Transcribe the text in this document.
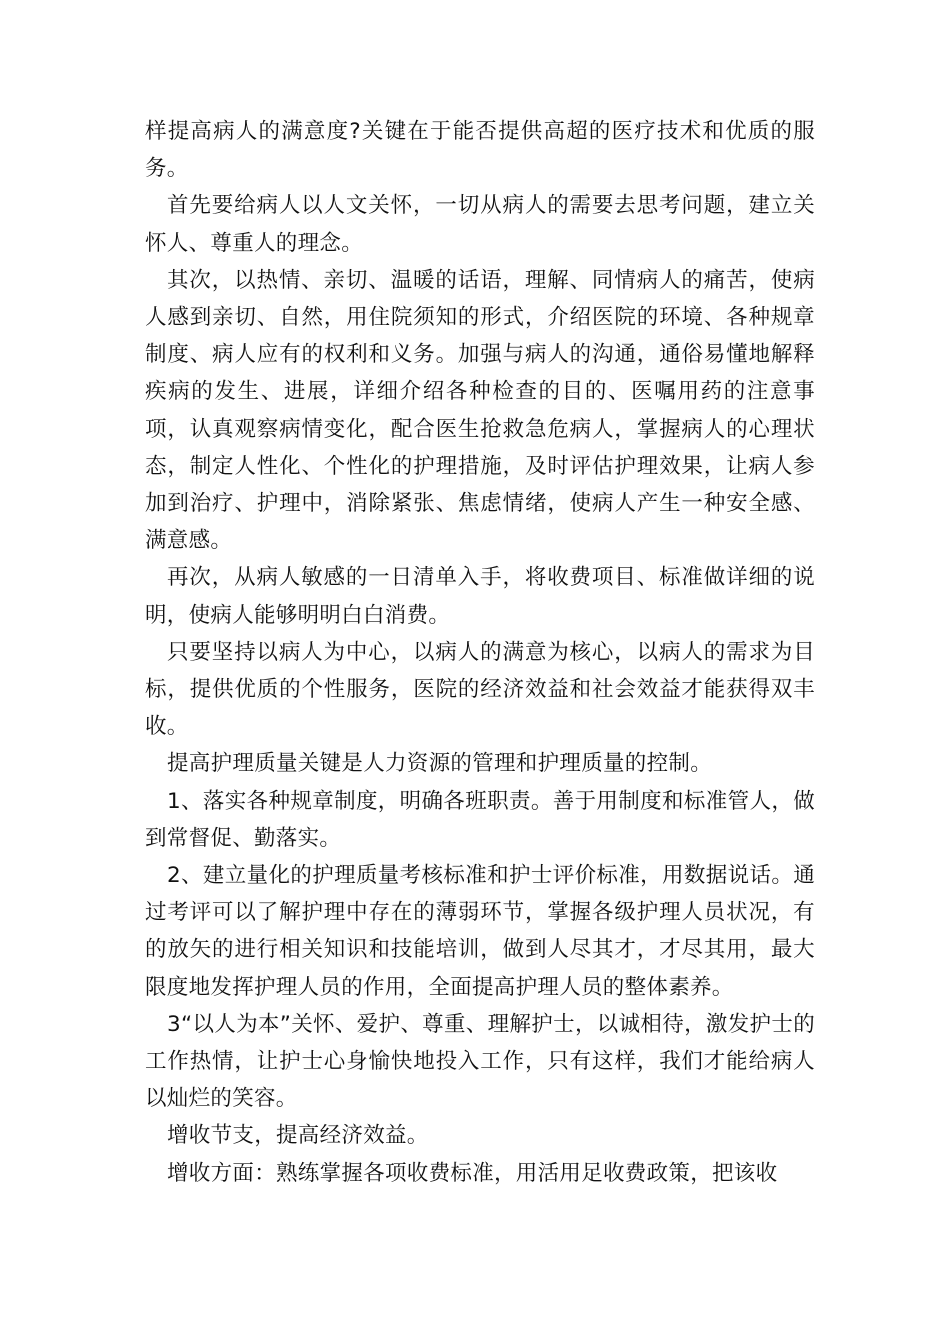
样提高病人的满意度?关键在于能否提供高超的医疗技术和优质的服务。

首先要给病人以人文关怀，一切从病人的需要去思考问题，建立关怀人、尊重人的理念。

其次，以热情、亲切、温暖的话语，理解、同情病人的痛苦，使病人感到亲切、自然，用住院须知的形式，介绍医院的环境、各种规章制度、病人应有的权利和义务。加强与病人的沟通，通俗易懂地解释疾病的发生、进展，详细介绍各种检查的目的、医嘱用药的注意事项，认真观察病情变化，配合医生抢救急危病人，掌握病人的心理状态，制定人性化、个性化的护理措施，及时评估护理效果，让病人参加到治疗、护理中，消除紧张、焦虑情绪，使病人产生一种安全感、满意感。

再次，从病人敏感的一日清单入手，将收费项目、标准做详细的说明，使病人能够明明白白消费。

只要坚持以病人为中心，以病人的满意为核心，以病人的需求为目标，提供优质的个性服务，医院的经济效益和社会效益才能获得双丰收。

提高护理质量关键是人力资源的管理和护理质量的控制。

1、落实各种规章制度，明确各班职责。善于用制度和标准管人，做到常督促、勤落实。

2、建立量化的护理质量考核标准和护士评价标准，用数据说话。通过考评可以了解护理中存在的薄弱环节，掌握各级护理人员状况，有的放矢的进行相关知识和技能培训，做到人尽其才，才尽其用，最大限度地发挥护理人员的作用，全面提高护理人员的整体素养。

3“以人为本”关怀、爱护、尊重、理解护士，以诚相待，激发护士的工作热情，让护士心身愉快地投入工作，只有这样，我们才能给病人以灿烂的笑容。

增收节支，提高经济效益。

增收方面：熟练掌握各项收费标准，用活用足收费政策，把该收
